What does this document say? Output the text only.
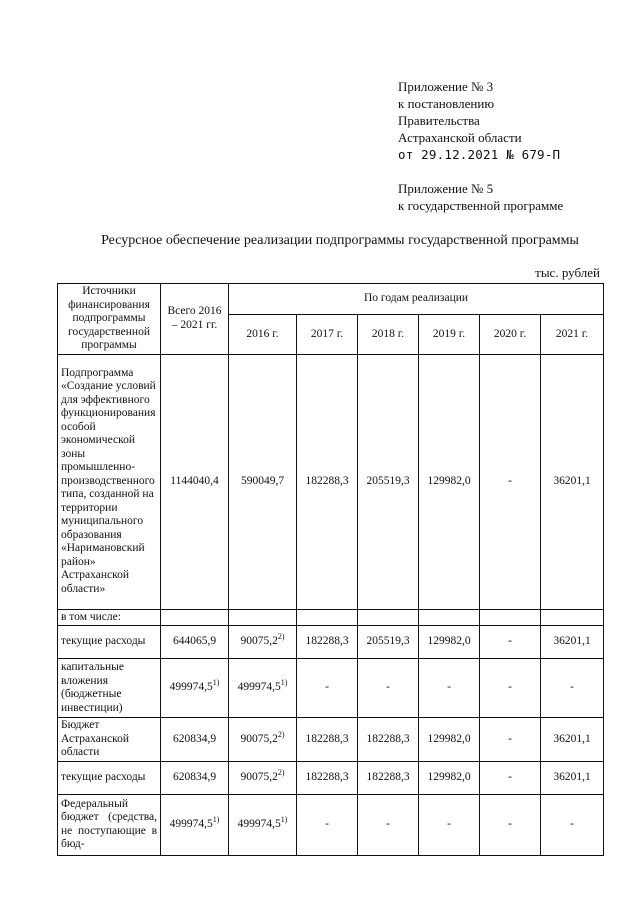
Приложение № 3
к постановлению
Правительства
Астраханской области
от 29.12.2021 № 679-П
Приложение № 5
к государственной программе
Ресурсное обеспечение реализации подпрограммы государственной программы
тыс. рублей
Источники финансирования подпрограммы государственной программы	Всего 2016 – 2021 гг.	По годам реализации					
		2016 г.	2017 г.	2018 г.	2019 г.	2020 г.	2021 г.
Подпрограмма «Создание условий для эффективного функционирования особой экономической зоны промышленно-производственного типа, созданной на территории муниципального образования «Наримановский район» Астраханской области»	1144040,4	590049,7	182288,3	205519,3	129982,0	-	36201,1
в том числе:							
текущие расходы	644065,9	90075,2$^{2)}$	182288,3	205519,3	129982,0	-	36201,1
капитальные вложения (бюджетные инвестиции)	499974,5$^{1)}$	499974,5$^{1)}$	-	-	-	-	-
Бюджет Астраханской области	620834,9	90075,2$^{2)}$	182288,3	182288,3	129982,0	-	36201,1
текущие расходы	620834,9	90075,2$^{2)}$	182288,3	182288,3	129982,0	-	36201,1
Федеральный бюджет (средства, не поступающие в бюд-	499974,5$^{1)}$	499974,5$^{1)}$	-	-	-	-	-
